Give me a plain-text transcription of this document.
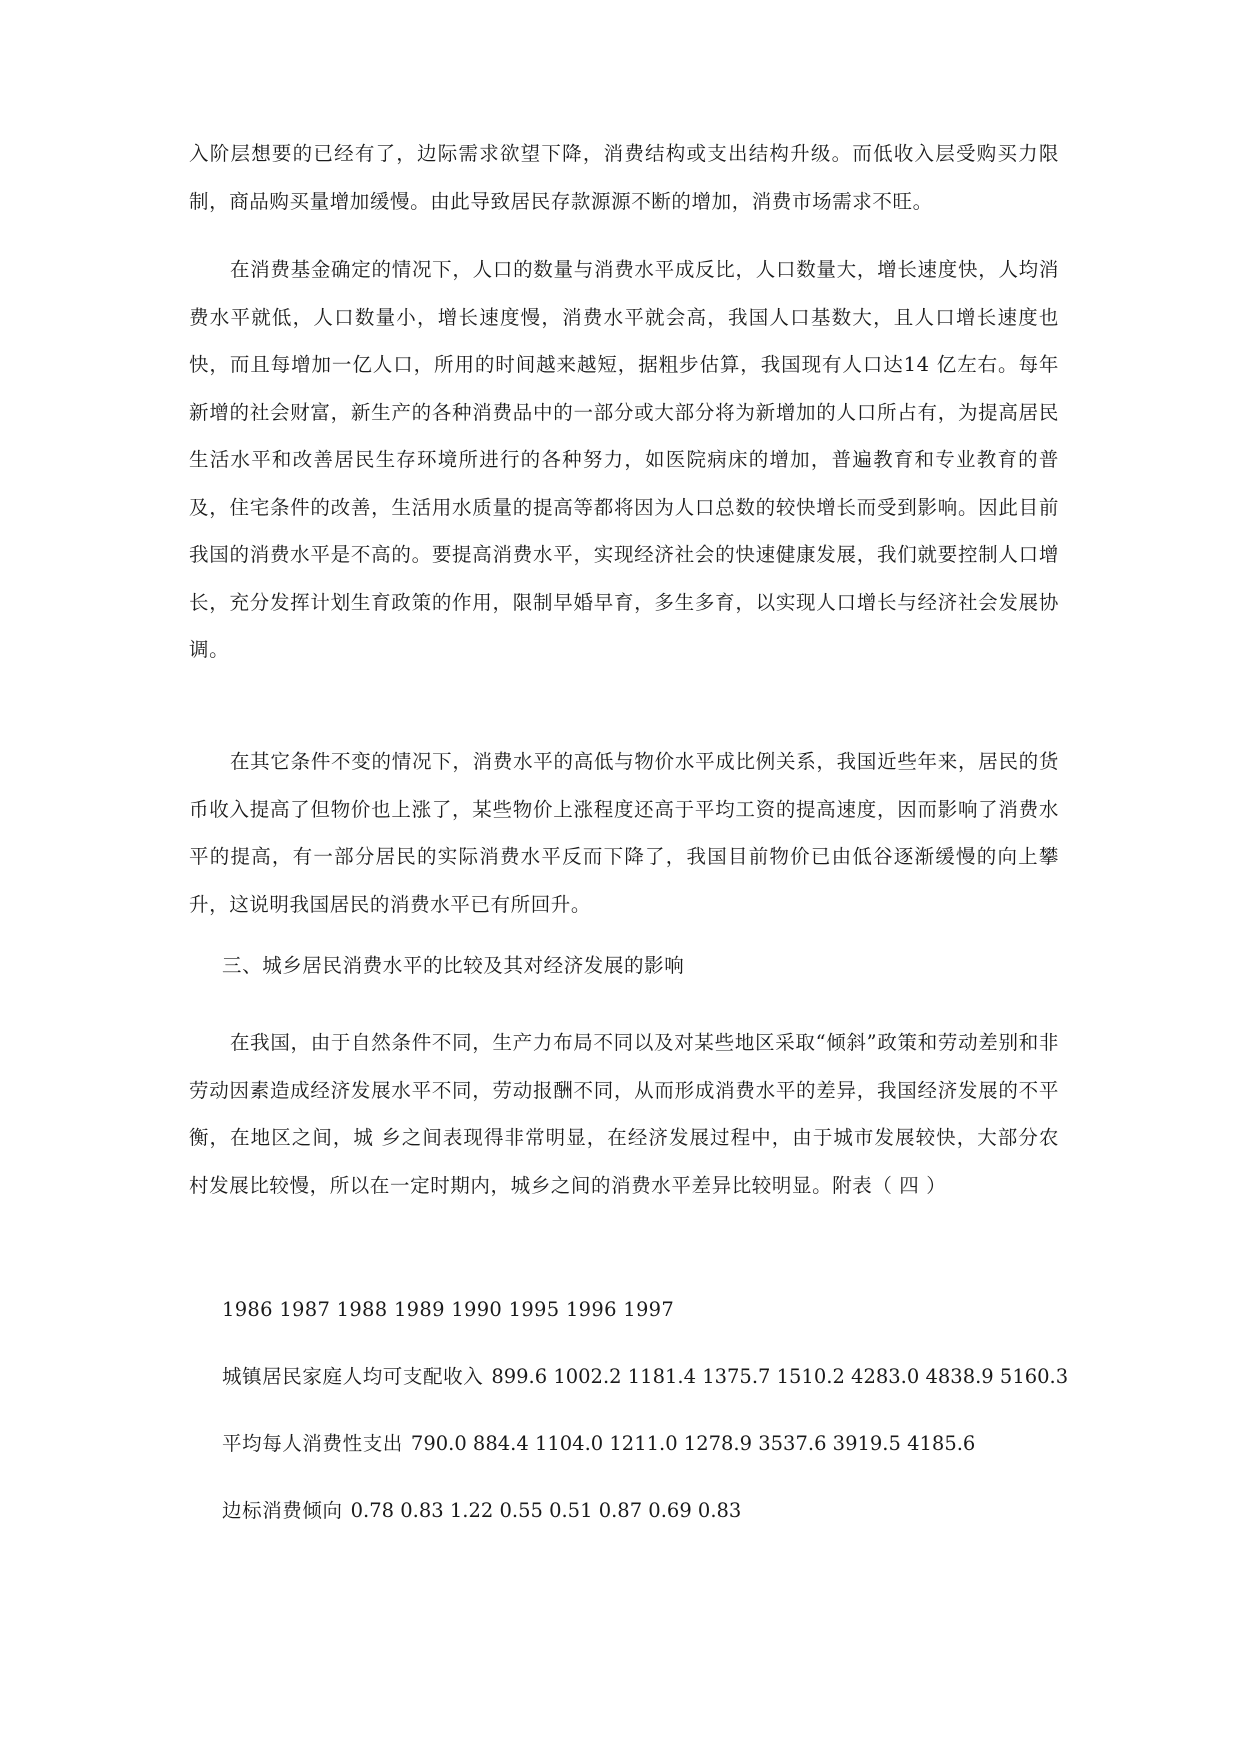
入阶层想要的已经有了，边际需求欲望下降，消费结构或支出结构升级。而低收入层受购买力限制，商品购买量增加缓慢。由此导致居民存款源源不断的增加，消费市场需求不旺。

在消费基金确定的情况下，人口的数量与消费水平成反比，人口数量大，增长速度快，人均消费水平就低，人口数量小，增长速度慢，消费水平就会高，我国人口基数大，且人口增长速度也快，而且每增加一亿人口，所用的时间越来越短，据粗步估算，我国现有人口达14 亿左右。每年新增的社会财富，新生产的各种消费品中的一部分或大部分将为新增加的人口所占有，为提高居民生活水平和改善居民生存环境所进行的各种努力，如医院病床的增加，普遍教育和专业教育的普及，住宅条件的改善，生活用水质量的提高等都将因为人口总数的较快增长而受到影响。因此目前我国的消费水平是不高的。要提高消费水平，实现经济社会的快速健康发展，我们就要控制人口增长，充分发挥计划生育政策的作用，限制早婚早育，多生多育，以实现人口增长与经济社会发展协调。

在其它条件不变的情况下，消费水平的高低与物价水平成比例关系，我国近些年来，居民的货币收入提高了但物价也上涨了，某些物价上涨程度还高于平均工资的提高速度，因而影响了消费水平的提高，有一部分居民的实际消费水平反而下降了，我国目前物价已由低谷逐渐缓慢的向上攀升，这说明我国居民的消费水平已有所回升。

三、城乡居民消费水平的比较及其对经济发展的影响

在我国，由于自然条件不同，生产力布局不同以及对某些地区采取“倾斜”政策和劳动差别和非劳动因素造成经济发展水平不同，劳动报酬不同，从而形成消费水平的差异，我国经济发展的不平衡，在地区之间，城 乡之间表现得非常明显，在经济发展过程中，由于城市发展较快，大部分农村发展比较慢，所以在一定时期内，城乡之间的消费水平差异比较明显。附表（ 四 ）

1986 1987 1988 1989 1990 1995 1996 1997
城镇居民家庭人均可支配收入 899.6 1002.2 1181.4 1375.7 1510.2 4283.0 4838.9 5160.3
平均每人消费性支出 790.0 884.4 1104.0 1211.0 1278.9 3537.6 3919.5 4185.6
边标消费倾向 0.78 0.83 1.22 0.55 0.51 0.87 0.69 0.83
